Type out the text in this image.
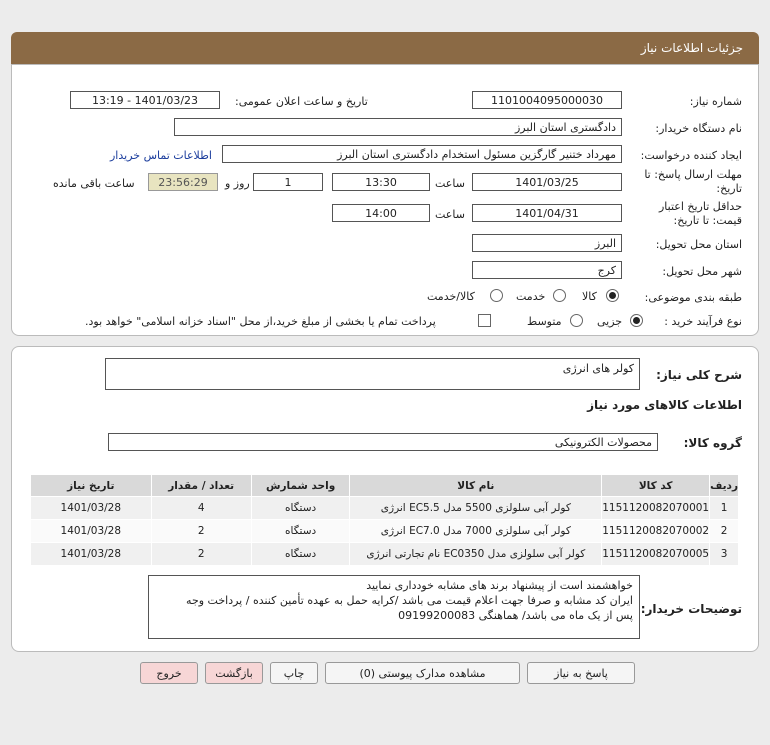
جزئیات اطلاعات نیاز
شماره نیاز:
1101004095000030
تاریخ و ساعت اعلان عمومی:
1401/03/23 - 13:19
نام دستگاه خریدار:
دادگستری استان البرز
ایجاد کننده درخواست:
مهرداد ختنیر گارگزین مسئول استخدام دادگستری استان البرز
اطلاعات تماس خریدار
مهلت ارسال پاسخ: تا تاریخ:
1401/03/25
ساعت
13:30
1
روز و
23:56:29
ساعت باقی مانده
حداقل تاریخ اعتبار قیمت: تا تاریخ:
1401/04/31
ساعت
14:00
استان محل تحویل:
البرز
شهر محل تحویل:
کرج
طبقه بندی موضوعی:
کالا
خدمت
کالا/خدمت
نوع فرآیند خرید :
جزیی
متوسط
پرداخت تمام یا بخشی از مبلغ خرید،از محل "اسناد خزانه اسلامی" خواهد بود.
شرح کلی نیاز:
کولر های انرژی
اطلاعات کالاهای مورد نیاز
گروه کالا:
محصولات الکترونیکی
ردیف	کد کالا	نام کالا	واحد شمارش	تعداد / مقدار	تاریخ نیاز
1	1151120082070001	کولر آبی سلولزی 5500 مدل EC5.5 انرژی	دستگاه	4	1401/03/28
2	1151120082070002	کولر آبی سلولزی 7000 مدل EC7.0 انرژی	دستگاه	2	1401/03/28
3	1151120082070005	کولر آبی سلولزی مدل EC0350 نام تجارتی انرژی	دستگاه	2	1401/03/28
توضیحات خریدار:
خواهشمند است از پیشنهاد برند های مشابه خودداری نمایید
ایران کد مشابه و صرفا جهت اعلام قیمت می باشد /کرایه حمل به عهده تأمین کننده / پرداخت وجه
پس از یک ماه می باشد/ هماهنگی 09199200083
پاسخ به نیاز
مشاهده مدارک پیوستی (0)
چاپ
بازگشت
خروج
